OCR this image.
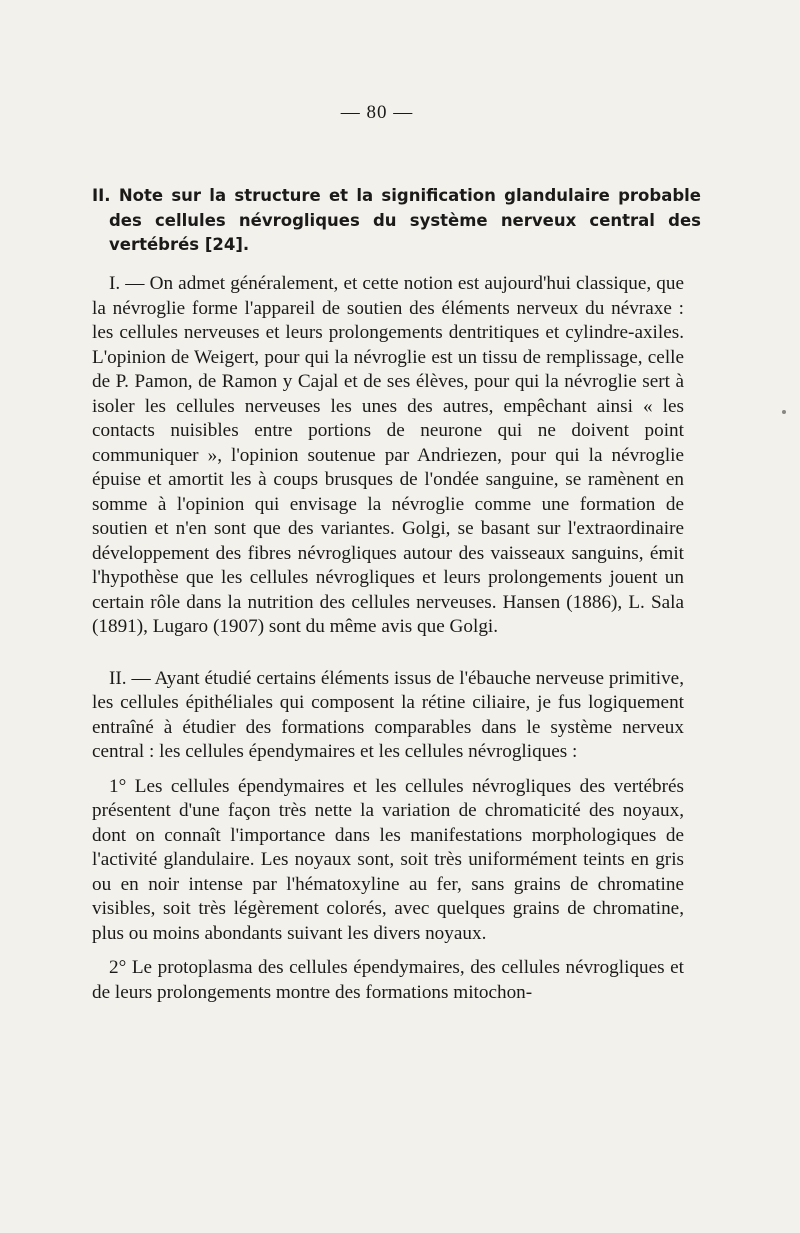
— 80 —
II. Note sur la structure et la signification glandulaire probable des cellules névrogliques du système nerveux central des vertébrés [24].

I. — On admet généralement, et cette notion est aujourd'hui classique, que la névroglie forme l'appareil de soutien des éléments nerveux du névraxe : les cellules nerveuses et leurs prolongements dentritiques et cylindre-axiles. L'opinion de Weigert, pour qui la névroglie est un tissu de remplissage, celle de P. Pamon, de Ramon y Cajal et de ses élèves, pour qui la névroglie sert à isoler les cellules nerveuses les unes des autres, empêchant ainsi « les contacts nuisibles entre portions de neurone qui ne doivent point communiquer », l'opinion soutenue par Andriezen, pour qui la névroglie épuise et amortit les à coups brusques de l'ondée sanguine, se ramènent en somme à l'opinion qui envisage la névroglie comme une formation de soutien et n'en sont que des variantes. Golgi, se basant sur l'extraordinaire développement des fibres névrogliques autour des vaisseaux sanguins, émit l'hypothèse que les cellules névrogliques et leurs prolongements jouent un certain rôle dans la nutrition des cellules nerveuses. Hansen (1886), L. Sala (1891), Lugaro (1907) sont du même avis que Golgi.

II. — Ayant étudié certains éléments issus de l'ébauche nerveuse primitive, les cellules épithéliales qui composent la rétine ciliaire, je fus logiquement entraîné à étudier des formations comparables dans le système nerveux central : les cellules épendymaires et les cellules névrogliques :

1° Les cellules épendymaires et les cellules névrogliques des vertébrés présentent d'une façon très nette la variation de chromaticité des noyaux, dont on connaît l'importance dans les manifestations morphologiques de l'activité glandulaire. Les noyaux sont, soit très uniformément teints en gris ou en noir intense par l'hématoxyline au fer, sans grains de chromatine visibles, soit très légèrement colorés, avec quelques grains de chromatine, plus ou moins abondants suivant les divers noyaux.

2° Le protoplasma des cellules épendymaires, des cellules névrogliques et de leurs prolongements montre des formations mitochon-
